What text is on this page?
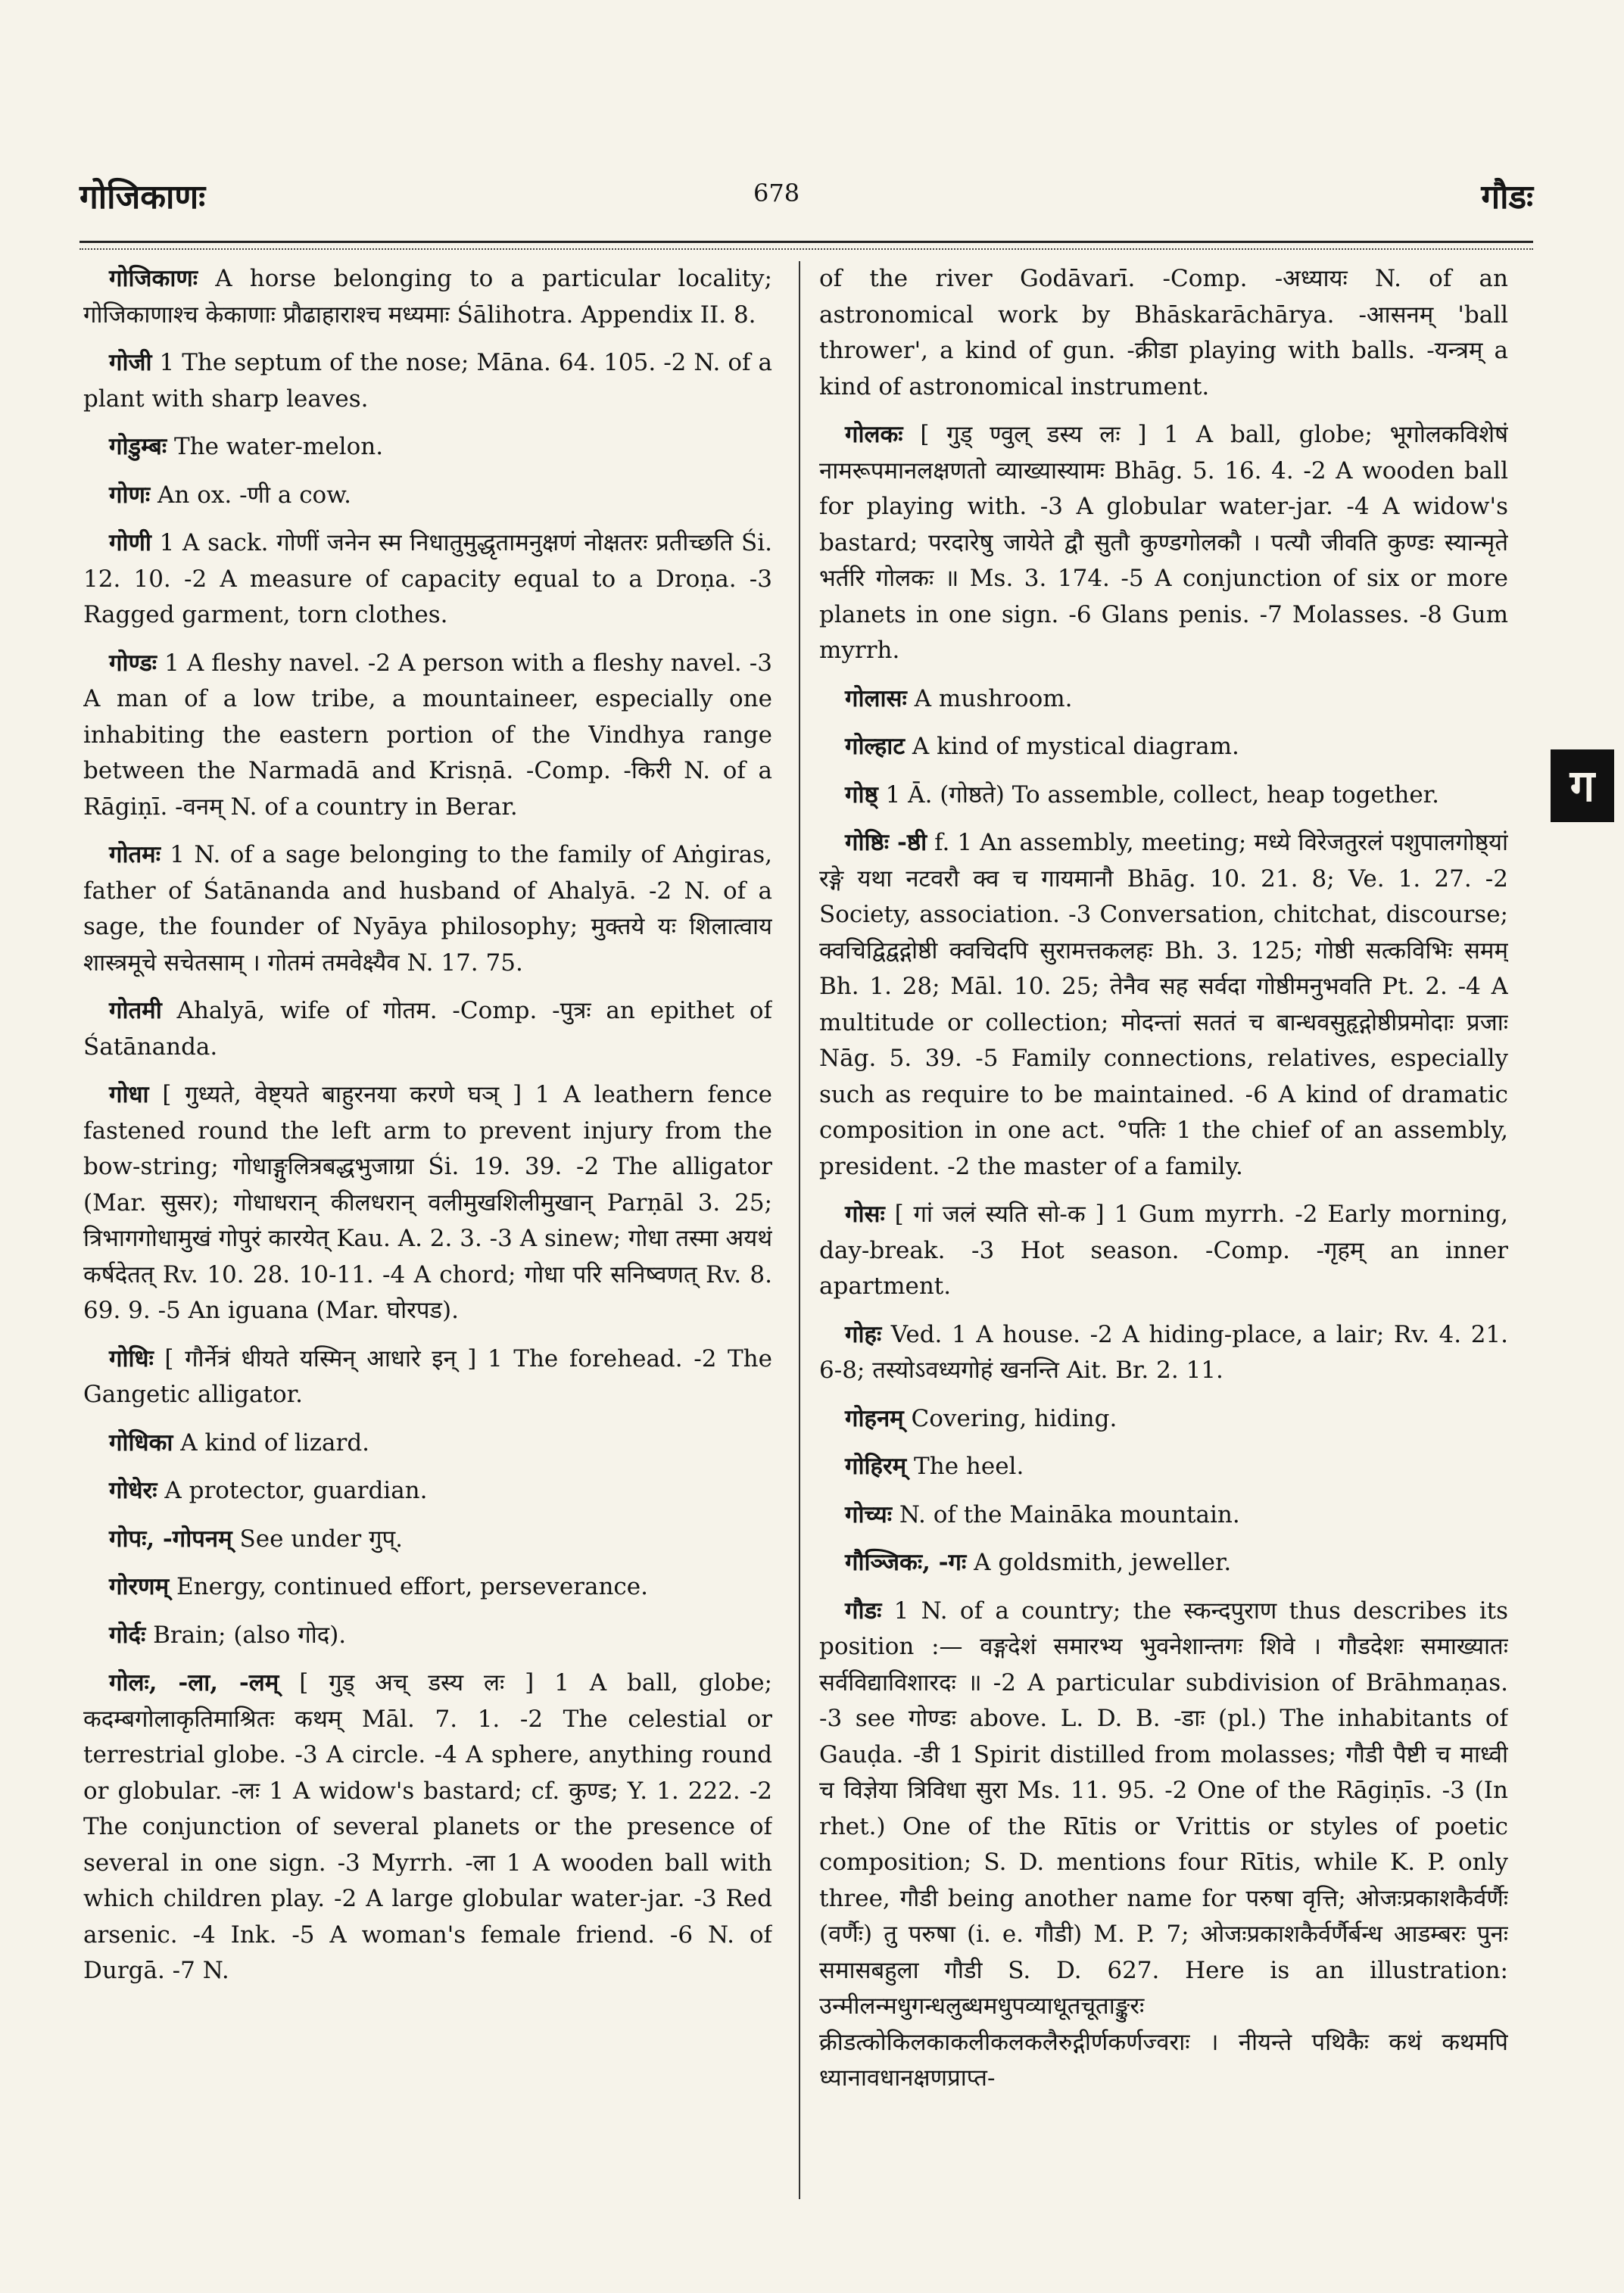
गोजिकाणः	678	गौडः

गोजिकाणः A horse belonging to a particular locality; गोजिकाणाश्च केकाणाः प्रौढाहाराश्च मध्यमाः Śālihotra. Appendix II. 8.

गोजी 1 The septum of the nose; Māna. 64. 105. -2 N. of a plant with sharp leaves.

गोडुम्बः The water-melon.

गोणः An ox. -णी a cow.

गोणी 1 A sack. गोणीं जनेन स्म निधातुमुद्धृतामनुक्षणं नोक्षतरः प्रतीच्छति Śi. 12. 10. -2 A measure of capacity equal to a Droṇa. -3 Ragged garment, torn clothes.

गोण्डः 1 A fleshy navel. -2 A person with a fleshy navel. -3 A man of a low tribe, a mountaineer, especially one inhabiting the eastern portion of the Vindhya range between the Narmadā and Krisṇā. -Comp. -किरी N. of a Rāgiṇī. -वनम् N. of a country in Berar.

गोतमः 1 N. of a sage belonging to the family of Aṅgiras, father of Śatānanda and husband of Ahalyā. -2 N. of a sage, the founder of Nyāya philosophy; मुक्तये यः शिलात्वाय शास्त्रमूचे सचेतसाम् । गोतमं तमवेक्ष्यैव N. 17. 75.

गोतमी Ahalyā, wife of गोतम. -Comp. -पुत्रः an epithet of Śatānanda.

गोधा [ गुध्यते, वेष्ट्यते बाहुरनया करणे घञ् ] 1 A leathern fence fastened round the left arm to prevent injury from the bow-string; गोधाङ्गुलित्रबद्धभुजाग्रा Śi. 19. 39. -2 The alligator (Mar. सुसर); गोधाधरान् कीलधरान् वलीमुखशिलीमुखान् Parṇāl 3. 25; त्रिभागगोधामुखं गोपुरं कारयेत् Kau. A. 2. 3. -3 A sinew; गोधा तस्मा अयथं कर्षदेतत् Rv. 10. 28. 10-11. -4 A chord; गोधा परि सनिष्वणत् Rv. 8. 69. 9. -5 An iguana (Mar. घोरपड).

गोधिः [ गौर्नेत्रं धीयते यस्मिन् आधारे इन् ] 1 The forehead. -2 The Gangetic alligator.

गोधिका A kind of lizard.

गोधेरः A protector, guardian.

गोपः, -गोपनम् See under गुप्.

गोरणम् Energy, continued effort, perseverance.

गोर्दः Brain; (also गोद).

गोलः, -ला, -लम् [ गुड् अच् डस्य लः ] 1 A ball, globe; कदम्बगोलाकृतिमाश्रितः कथम् Māl. 7. 1. -2 The celestial or terrestrial globe. -3 A circle. -4 A sphere, anything round or globular. -लः 1 A widow's bastard; cf. कुण्ड; Y. 1. 222. -2 The conjunction of several planets or the presence of several in one sign. -3 Myrrh. -ला 1 A wooden ball with which children play. -2 A large globular water-jar. -3 Red arsenic. -4 Ink. -5 A woman's female friend. -6 N. of Durgā. -7 N.

of the river Godāvarī. -Comp. -अध्यायः N. of an astronomical work by Bhāskarāchārya. -आसनम् 'ball thrower', a kind of gun. -क्रीडा playing with balls. -यन्त्रम् a kind of astronomical instrument.

गोलकः [ गुड् ण्वुल् डस्य लः ] 1 A ball, globe; भूगोलकविशेषं नामरूपमानलक्षणतो व्याख्यास्यामः Bhāg. 5. 16. 4. -2 A wooden ball for playing with. -3 A globular water-jar. -4 A widow's bastard; परदारेषु जायेते द्वौ सुतौ कुण्डगोलकौ । पत्यौ जीवति कुण्डः स्यान्मृते भर्तरि गोलकः ॥ Ms. 3. 174. -5 A conjunction of six or more planets in one sign. -6 Glans penis. -7 Molasses. -8 Gum myrrh.

गोलासः A mushroom.

गोल्हाट A kind of mystical diagram.

गोष्ठ् 1 Ā. (गोष्ठते) To assemble, collect, heap together.

गोष्ठिः -ष्ठी f. 1 An assembly, meeting; मध्ये विरेजतुरलं पशुपालगोष्ठ्यां रङ्गे यथा नटवरौ क्व च गायमानौ Bhāg. 10. 21. 8; Ve. 1. 27. -2 Society, association. -3 Conversation, chitchat, discourse; क्वचिद्विद्वद्गोष्ठी क्वचिदपि सुरामत्तकलहः Bh. 3. 125; गोष्ठी सत्कविभिः समम् Bh. 1. 28; Māl. 10. 25; तेनैव सह सर्वदा गोष्ठीमनुभवति Pt. 2. -4 A multitude or collection; मोदन्तां सततं च बान्धवसुहृद्गोष्ठीप्रमोदाः प्रजाः Nāg. 5. 39. -5 Family connections, relatives, especially such as require to be maintained. -6 A kind of dramatic composition in one act. °पतिः 1 the chief of an assembly, president. -2 the master of a family.

गोसः [ गां जलं स्यति सो-क ] 1 Gum myrrh. -2 Early morning, day-break. -3 Hot season. -Comp. -गृहम् an inner apartment.

गोहः Ved. 1 A house. -2 A hiding-place, a lair; Rv. 4. 21. 6-8; तस्योऽवध्यगोहं खनन्ति Ait. Br. 2. 11.

गोहनम् Covering, hiding.

गोहिरम् The heel.

गोच्यः N. of the Maināka mountain.

गौञ्जिकः, -गः A goldsmith, jeweller.

गौडः 1 N. of a country; the स्कन्दपुराण thus describes its position :— वङ्गदेशं समारभ्य भुवनेशान्तगः शिवे । गौडदेशः समाख्यातः सर्वविद्याविशारदः ॥ -2 A particular subdivision of Brāhmaṇas. -3 see गोण्डः above. L. D. B. -डाः (pl.) The inhabitants of Gauḍa. -डी 1 Spirit distilled from molasses; गौडी पैष्टी च माध्वी च विज्ञेया त्रिविधा सुरा Ms. 11. 95. -2 One of the Rāgiṇīs. -3 (In rhet.) One of the Rītis or Vrittis or styles of poetic composition; S. D. mentions four Rītis, while K. P. only three, गौडी being another name for परुषा वृत्ति; ओजःप्रकाशकैर्वर्णैः (वर्णैः) तु परुषा (i. e. गौडी) M. P. 7; ओजःप्रकाशकैर्वर्णैर्बन्ध आडम्बरः पुनः समासबहुला गौडी S. D. 627. Here is an illustration: उन्मीलन्मधुगन्धलुब्धमधुपव्याधूतचूताङ्कुरः क्रीडत्कोकिलकाकलीकलकलैरुद्गीर्णकर्णज्वराः । नीयन्ते पथिकैः कथं कथमपि ध्यानावधानक्षणप्राप्त-

ग
